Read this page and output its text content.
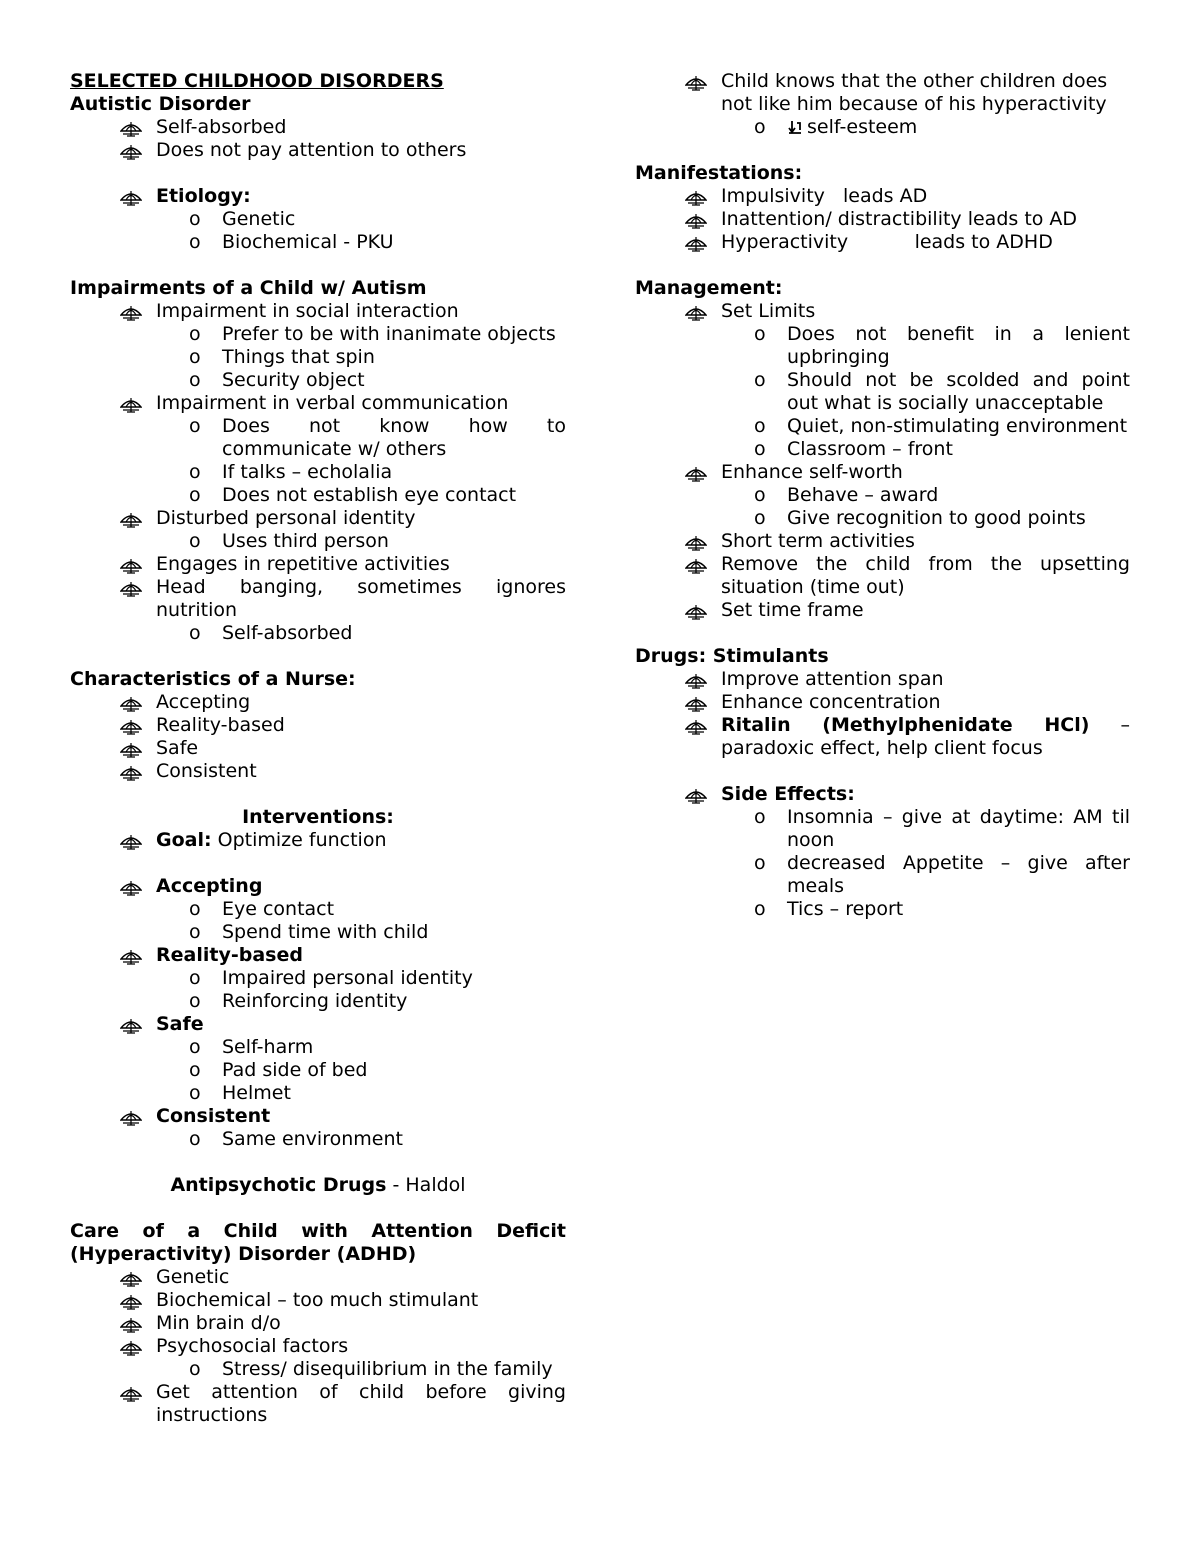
SELECTED CHILDHOOD DISORDERS
Autistic Disorder
Self-absorbed
Does not pay attention to others
Etiology:
o Genetic
o Biochemical - PKU
Impairments of a Child w/ Autism
Impairment in social interaction
o Prefer to be with inanimate objects
o Things that spin
o Security object
Impairment in verbal communication
o Does not know how to communicate w/ others
o If talks – echolalia
o Does not establish eye contact
Disturbed personal identity
o Uses third person
Engages in repetitive activities
Head banging, sometimes ignores nutrition
o Self-absorbed
Characteristics of a Nurse:
Accepting
Reality-based
Safe
Consistent
Interventions:
Goal: Optimize function
Accepting
o Eye contact
o Spend time with child
Reality-based
o Impaired personal identity
o Reinforcing identity
Safe
o Self-harm
o Pad side of bed
o Helmet
Consistent
o Same environment
Antipsychotic Drugs - Haldol
Care of a Child with Attention Deficit (Hyperactivity) Disorder (ADHD)
Genetic
Biochemical – too much stimulant
Min brain d/o
Psychosocial factors
o Stress/ disequilibrium in the family
Get attention of child before giving instructions
Child knows that the other children does not like him because of his hyperactivity
o self-esteem
Manifestations:
Impulsivity   leads AD
Inattention/ distractibility leads to AD
Hyperactivity           leads to ADHD
Management:
Set Limits
o Does not benefit in a lenient upbringing
o Should not be scolded and point out what is socially unacceptable
o Quiet, non-stimulating environment
o Classroom – front
Enhance self-worth
o Behave – award
o Give recognition to good points
Short term activities
Remove the child from the upsetting situation (time out)
Set time frame
Drugs: Stimulants
Improve attention span
Enhance concentration
Ritalin (Methylphenidate HCl) – paradoxic effect, help client focus
Side Effects:
o Insomnia – give at daytime: AM til noon
o decreased Appetite – give after meals
o Tics – report
